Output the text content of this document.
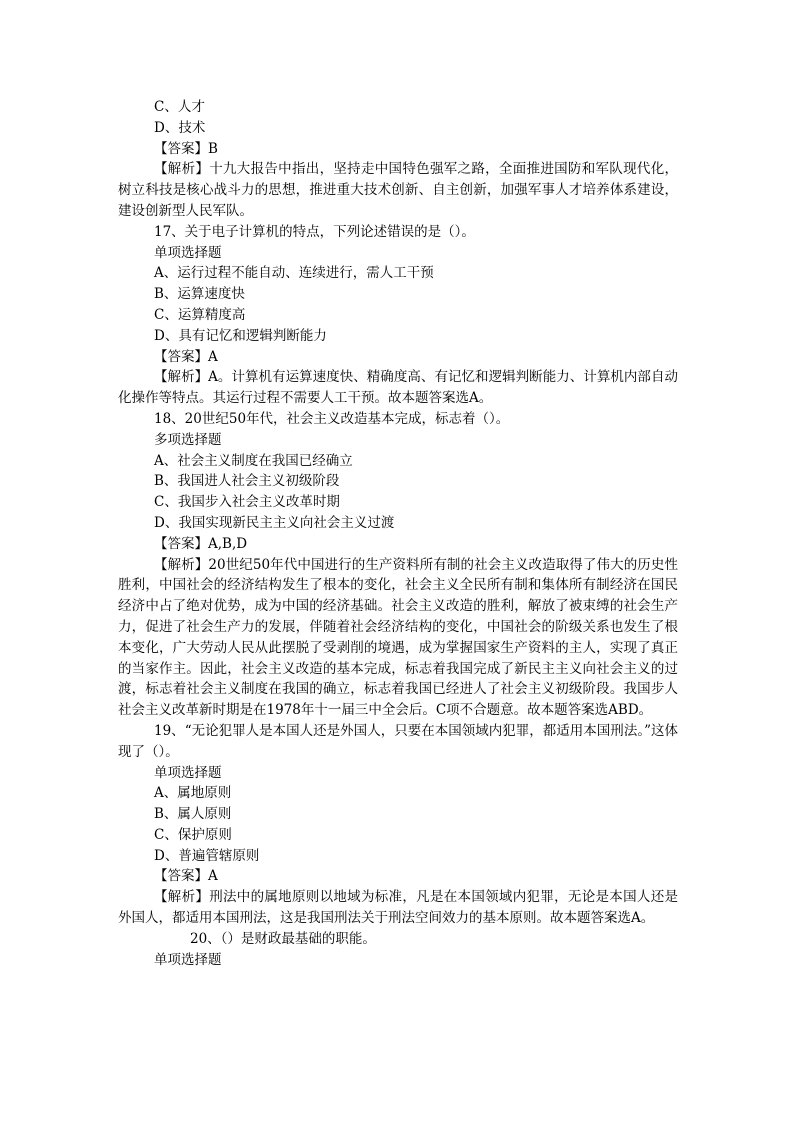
C、人才

D、技术

【答案】B

【解析】十九大报告中指出，坚持走中国特色强军之路，全面推进国防和军队现代化，树立科技是核心战斗力的思想，推进重大技术创新、自主创新，加强军事人才培养体系建设，建设创新型人民军队。

17、关于电子计算机的特点，下列论述错误的是（）。

单项选择题

A、运行过程不能自动、连续进行，需人工干预

B、运算速度快

C、运算精度高

D、具有记忆和逻辑判断能力

【答案】A

【解析】A。计算机有运算速度快、精确度高、有记忆和逻辑判断能力、计算机内部自动化操作等特点。其运行过程不需要人工干预。故本题答案选A。

18、20世纪50年代，社会主义改造基本完成，标志着（）。

多项选择题

A、社会主义制度在我国已经确立

B、我国进人社会主义初级阶段

C、我国步入社会主义改革时期

D、我国实现新民主主义向社会主义过渡

【答案】A,B,D

【解析】20世纪50年代中国进行的生产资料所有制的社会主义改造取得了伟大的历史性胜利，中国社会的经济结构发生了根本的变化，社会主义全民所有制和集体所有制经济在国民经济中占了绝对优势，成为中国的经济基础。社会主义改造的胜利，解放了被束缚的社会生产力，促进了社会生产力的发展，伴随着社会经济结构的变化，中国社会的阶级关系也发生了根本变化，广大劳动人民从此摆脱了受剥削的境遇，成为掌握国家生产资料的主人，实现了真正的当家作主。因此，社会主义改造的基本完成，标志着我国完成了新民主主义向社会主义的过渡，标志着社会主义制度在我国的确立，标志着我国已经进人了社会主义初级阶段。我国步人社会主义改革新时期是在1978年十一届三中全会后。C项不合题意。故本题答案选ABD。

19、“无论犯罪人是本国人还是外国人，只要在本国领域内犯罪，都适用本国刑法。”这体现了（）。

单项选择题

A、属地原则

B、属人原则

C、保护原则

D、普遍管辖原则

【答案】A

【解析】刑法中的属地原则以地域为标准，凡是在本国领域内犯罪，无论是本国人还是外国人，都适用本国刑法，这是我国刑法关于刑法空间效力的基本原则。故本题答案选A。

20、（）是财政最基础的职能。

单项选择题
